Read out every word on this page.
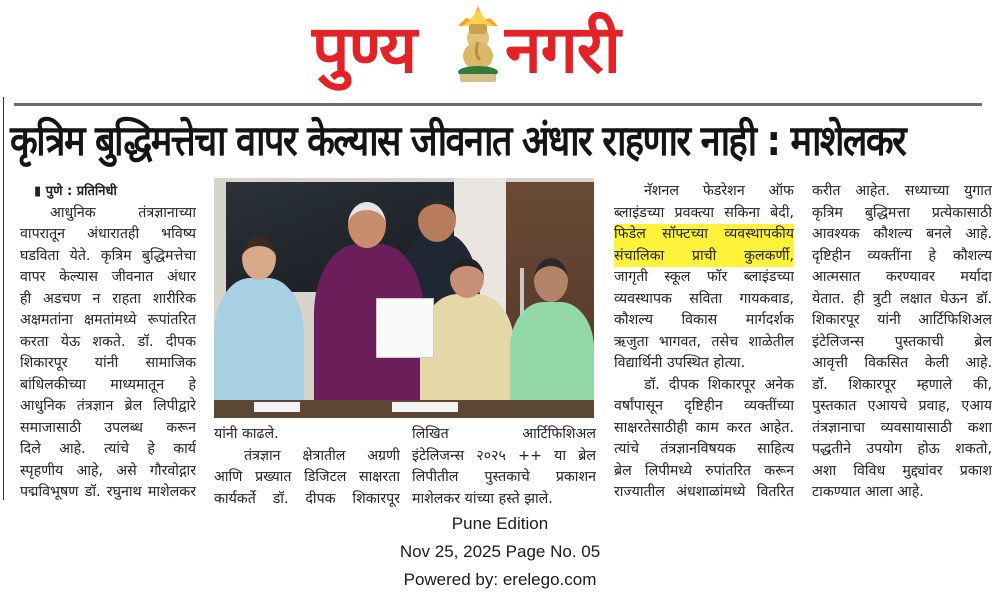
पुण्य नगरी
कृत्रिम बुद्धिमत्तेचा वापर केल्यास जीवनात अंधार राहणार नाही : माशेलकर

▮ पुणे : प्रतिनिधी

आधुनिक तंत्रज्ञानाच्या

वापरातून अंधारातही भविष्य

घडविता येते. कृत्रिम बुद्धिमत्तेचा

वापर केल्यास जीवनात अंधार

ही अडचण न राहता शारीरिक

अक्षमतांना क्षमतांमध्ये रूपांतरित

करता येऊ शकते. डॉ. दीपक

शिकारपूर यांनी सामाजिक

बांधिलकीच्या माध्यमातून हे

आधुनिक तंत्रज्ञान ब्रेल लिपीद्वारे

समाजासाठी उपलब्ध करून

दिले आहे. त्यांचे हे कार्य

स्पृहणीय आहे, असे गौरवोद्गार

पद्मविभूषण डॉ. रघुनाथ माशेलकर

यांनी काढले.

तंत्रज्ञान क्षेत्रातील अग्रणी

आणि प्रख्यात डिजिटल साक्षरता

कार्यकर्ते डॉ. दीपक शिकारपूर

लिखित आर्टिफिशिअल

इंटेलिजन्स २०२५ ++ या ब्रेल

लिपीतील पुस्तकाचे प्रकाशन

माशेलकर यांच्या हस्ते झाले.

नॅशनल फेडरेशन ऑफ

ब्लाइंडच्या प्रवक्त्या सकिना बेदी,

फिडेल सॉफ्टच्या व्यवस्थापकीय

संचालिका प्राची कुलकर्णी,

जागृती स्कूल फॉर ब्लाइंडच्या

व्यवस्थापक सविता गायकवाड,

कौशल्य विकास मार्गदर्शक

ऋजुता भागवत, तसेच शाळेतील

विद्यार्थिनी उपस्थित होत्या.

डॉ. दीपक शिकारपूर अनेक

वर्षांपासून दृष्टिहीन व्यक्तींच्या

साक्षरतेसाठीही काम करत आहेत.

त्यांचे तंत्रज्ञानविषयक साहित्य

ब्रेल लिपीमध्ये रुपांतरित करून

राज्यातील अंधशाळांमध्ये वितरित

करीत आहेत. सध्याच्या युगात

कृत्रिम बुद्धिमत्ता प्रत्येकासाठी

आवश्यक कौशल्य बनले आहे.

दृष्टिहीन व्यक्तींना हे कौशल्य

आत्मसात करण्यावर मर्यादा

येतात. ही त्रुटी लक्षात घेऊन डॉ.

शिकारपूर यांनी आर्टिफिशिअल

इंटेलिजन्स पुस्तकाची ब्रेल

आवृत्ती विकसित केली आहे.

डॉ. शिकारपूर म्हणाले की,

पुस्तकात एआयचे प्रवाह, एआय

तंत्रज्ञानाचा व्यवसायासाठी कशा

पद्धतीने उपयोग होऊ शकतो,

अशा विविध मुद्द्यांवर प्रकाश

टाकण्यात आला आहे.

Pune Edition
Nov 25, 2025 Page No. 05
Powered by: erelego.com
